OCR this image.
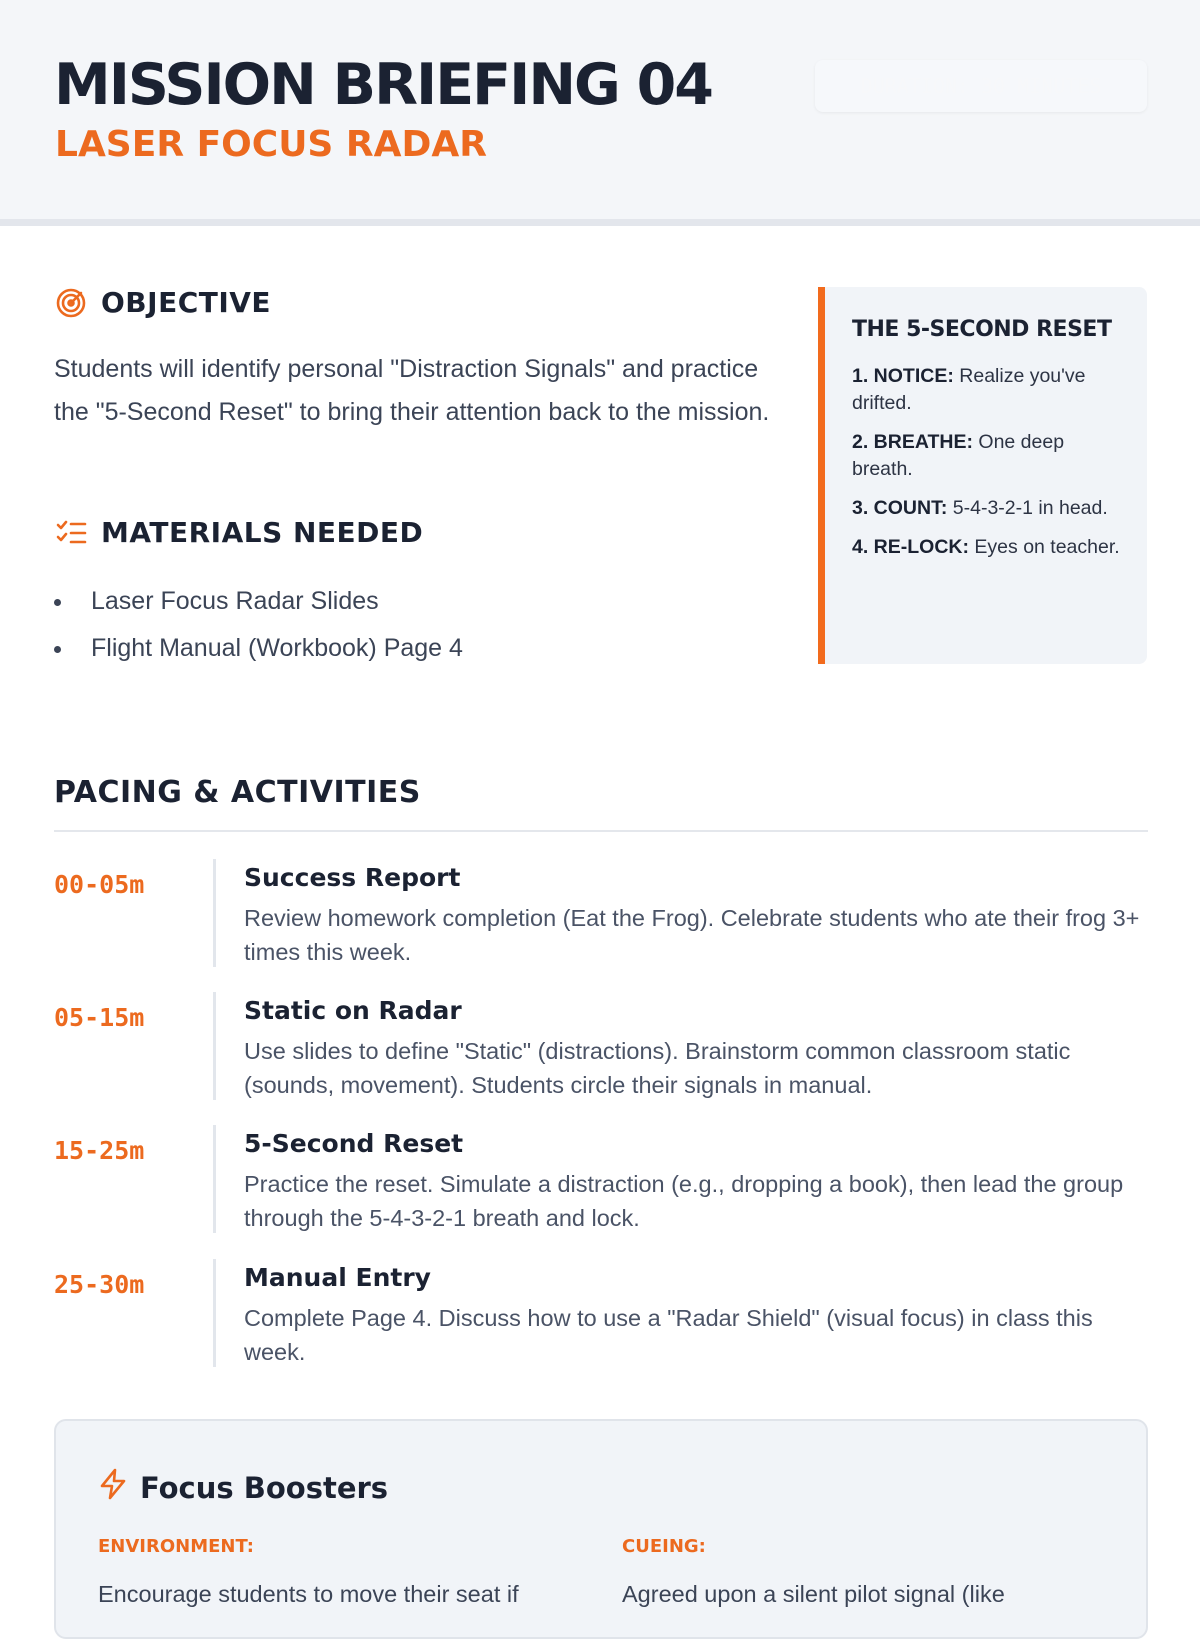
MISSION BRIEFING 04
LASER FOCUS RADAR
DURATION: 30 MINUTES
OBJECTIVE
Students will identify personal "Distraction Signals" and practice the "5-Second Reset" to bring their attention back to the mission.
MATERIALS NEEDED
Laser Focus Radar Slides
Flight Manual (Workbook) Page 4
THE 5-SECOND RESET
1. NOTICE: Realize you've drifted.
2. BREATHE: One deep breath.
3. COUNT: 5-4-3-2-1 in head.
4. RE-LOCK: Eyes on teacher.
PACING & ACTIVITIES
00-05m	Success Report
Review homework completion (Eat the Frog). Celebrate students who ate their frog 3+ times this week.
05-15m	Static on Radar
Use slides to define "Static" (distractions). Brainstorm common classroom static (sounds, movement). Students circle their signals in manual.
15-25m	5-Second Reset
Practice the reset. Simulate a distraction (e.g., dropping a book), then lead the group through the 5-4-3-2-1 breath and lock.
25-30m	Manual Entry
Complete Page 4. Discuss how to use a "Radar Shield" (visual focus) in class this week.
Focus Boosters
ENVIRONMENT:
Encourage students to move their seat if
CUEING:
Agreed upon a silent pilot signal (like
